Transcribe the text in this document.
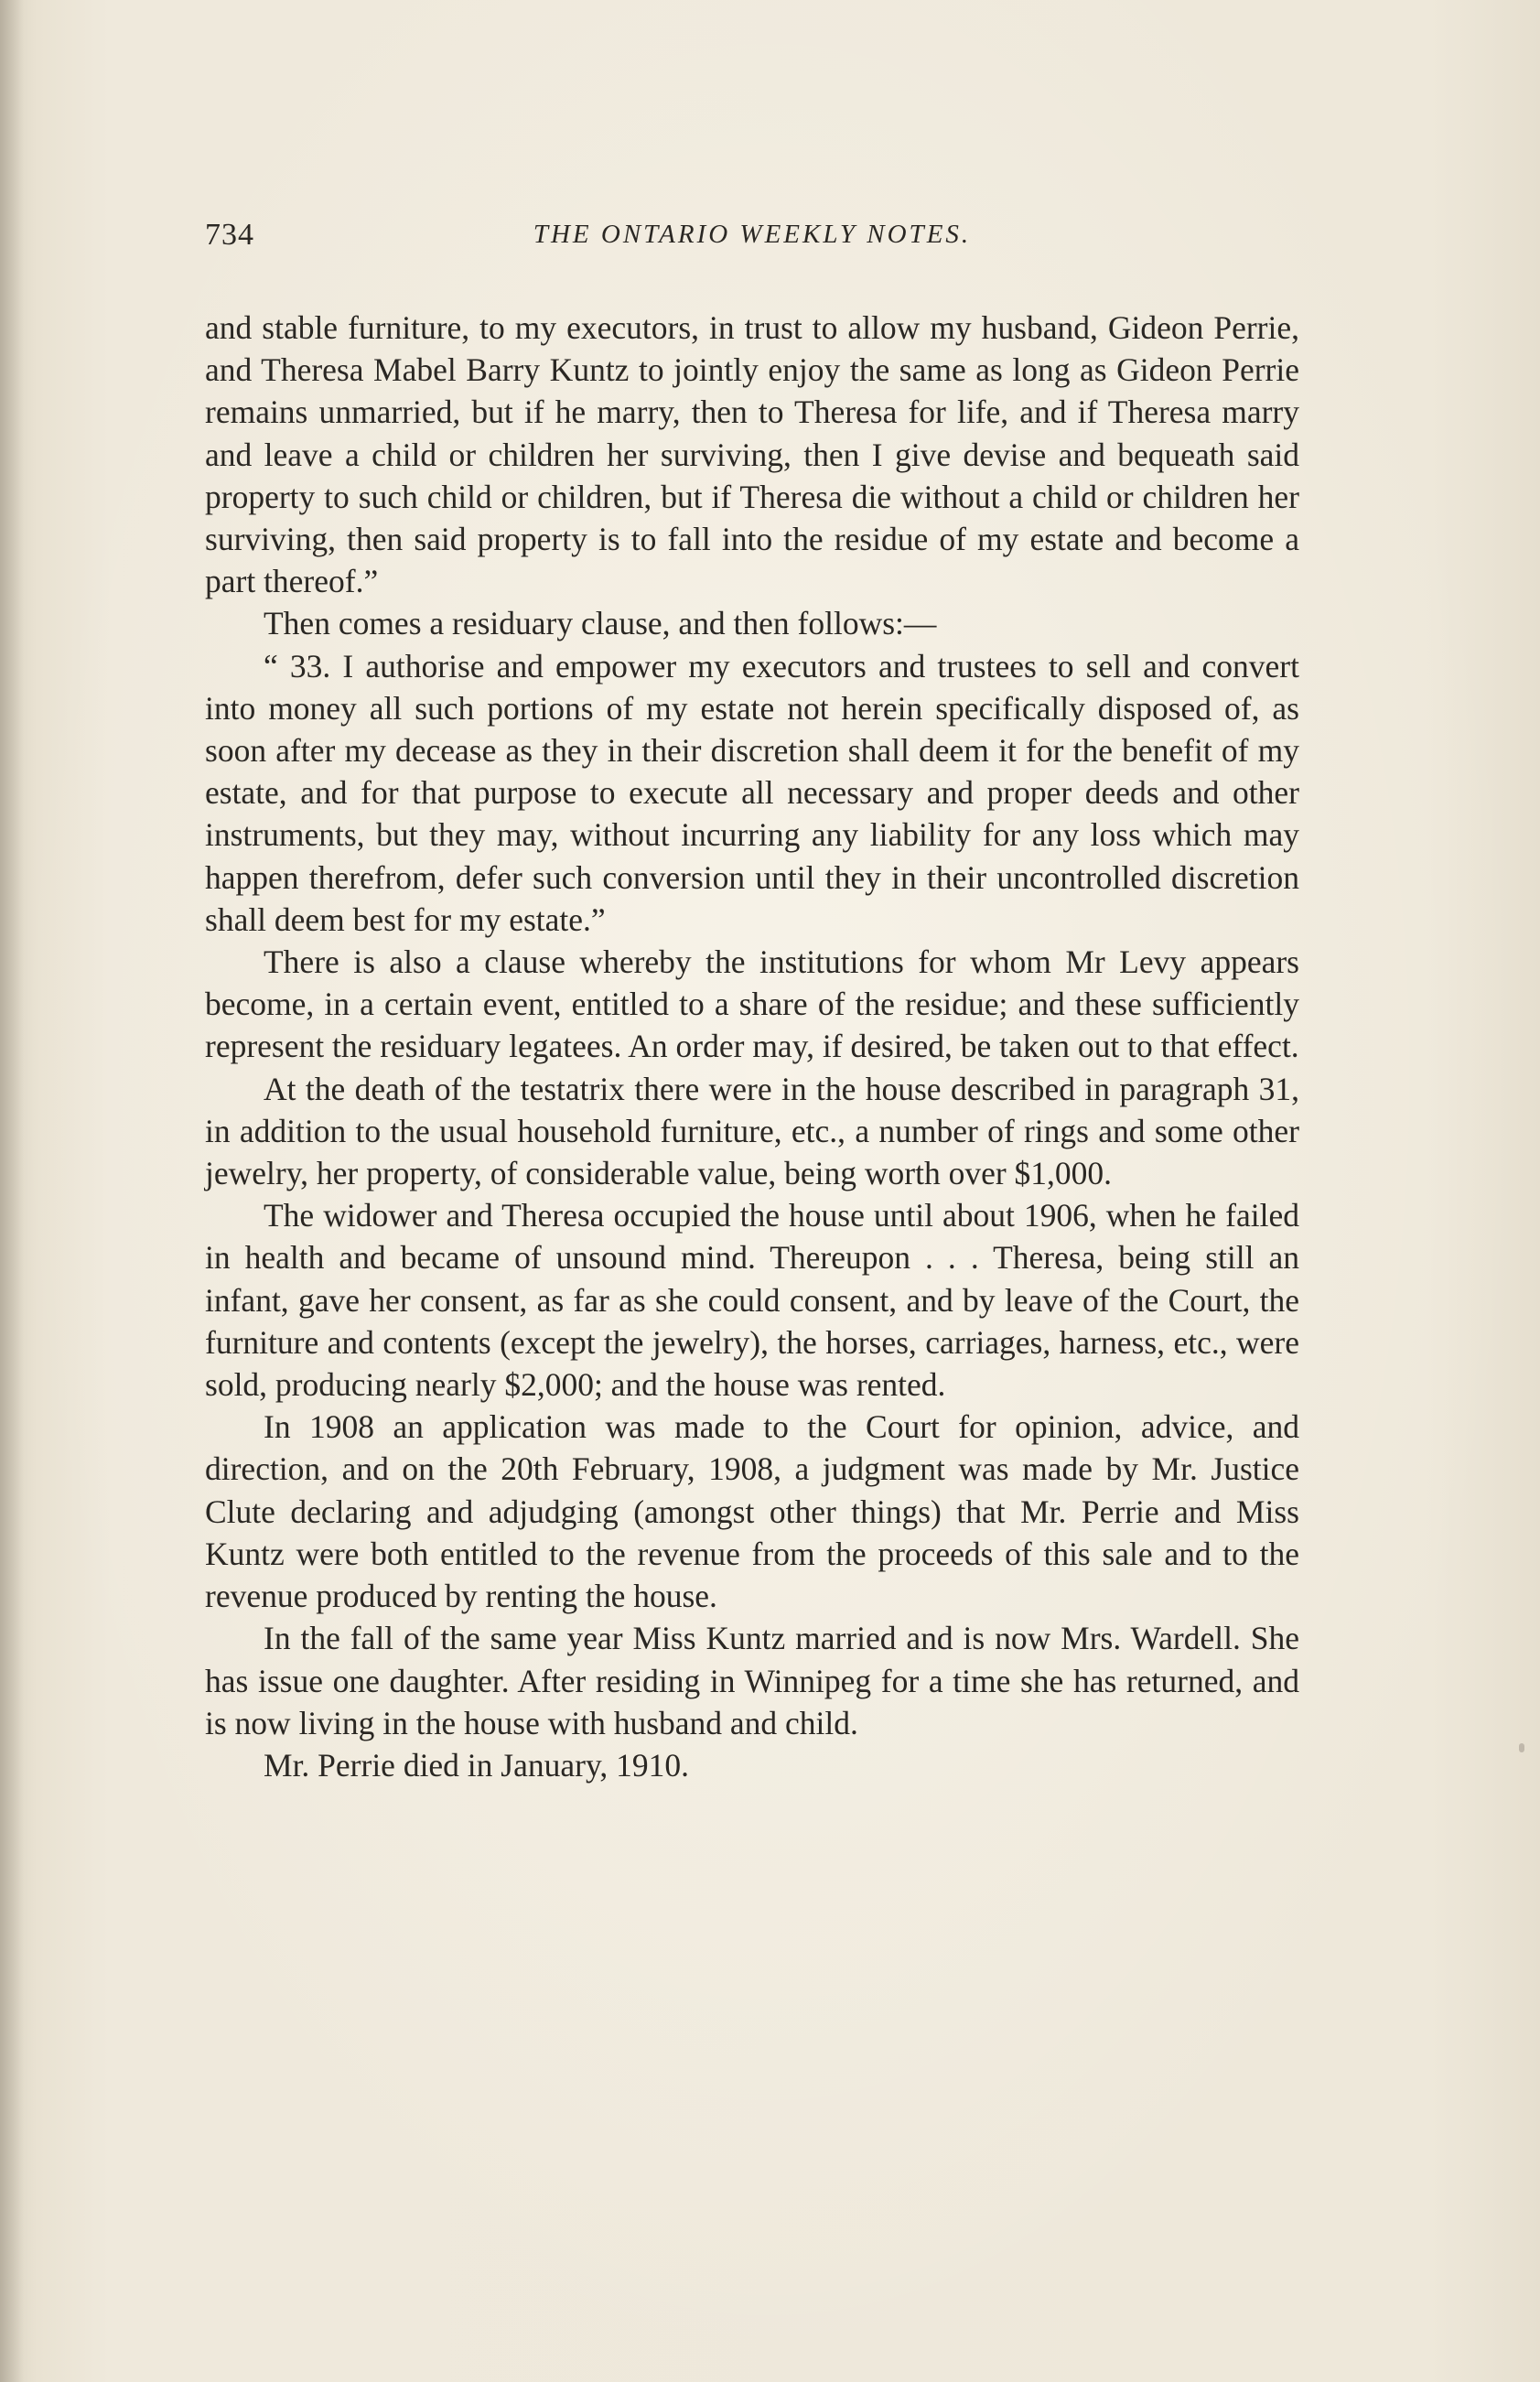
734	THE ONTARIO WEEKLY NOTES.

and stable furniture, to my executors, in trust to allow my husband, Gideon Perrie, and Theresa Mabel Barry Kuntz to jointly enjoy the same as long as Gideon Perrie remains unmarried, but if he marry, then to Theresa for life, and if Theresa marry and leave a child or children her surviving, then I give devise and bequeath said property to such child or children, but if Theresa die without a child or children her surviving, then said property is to fall into the residue of my estate and become a part thereof.”

Then comes a residuary clause, and then follows:—

“ 33. I authorise and empower my executors and trustees to sell and convert into money all such portions of my estate not herein specifically disposed of, as soon after my decease as they in their discretion shall deem it for the benefit of my estate, and for that purpose to execute all necessary and proper deeds and other instruments, but they may, without incurring any liability for any loss which may happen therefrom, defer such conversion until they in their uncontrolled discretion shall deem best for my estate.”

There is also a clause whereby the institutions for whom Mr Levy appears become, in a certain event, entitled to a share of the residue; and these sufficiently represent the residuary legatees. An order may, if desired, be taken out to that effect.

At the death of the testatrix there were in the house described in paragraph 31, in addition to the usual household furniture, etc., a number of rings and some other jewelry, her property, of considerable value, being worth over $1,000.

The widower and Theresa occupied the house until about 1906, when he failed in health and became of unsound mind. Thereupon . . . Theresa, being still an infant, gave her consent, as far as she could consent, and by leave of the Court, the furniture and contents (except the jewelry), the horses, carriages, harness, etc., were sold, producing nearly $2,000; and the house was rented.

In 1908 an application was made to the Court for opinion, advice, and direction, and on the 20th February, 1908, a judgment was made by Mr. Justice Clute declaring and adjudging (amongst other things) that Mr. Perrie and Miss Kuntz were both entitled to the revenue from the proceeds of this sale and to the revenue produced by renting the house.

In the fall of the same year Miss Kuntz married and is now Mrs. Wardell. She has issue one daughter. After residing in Winnipeg for a time she has returned, and is now living in the house with husband and child.

Mr. Perrie died in January, 1910.
